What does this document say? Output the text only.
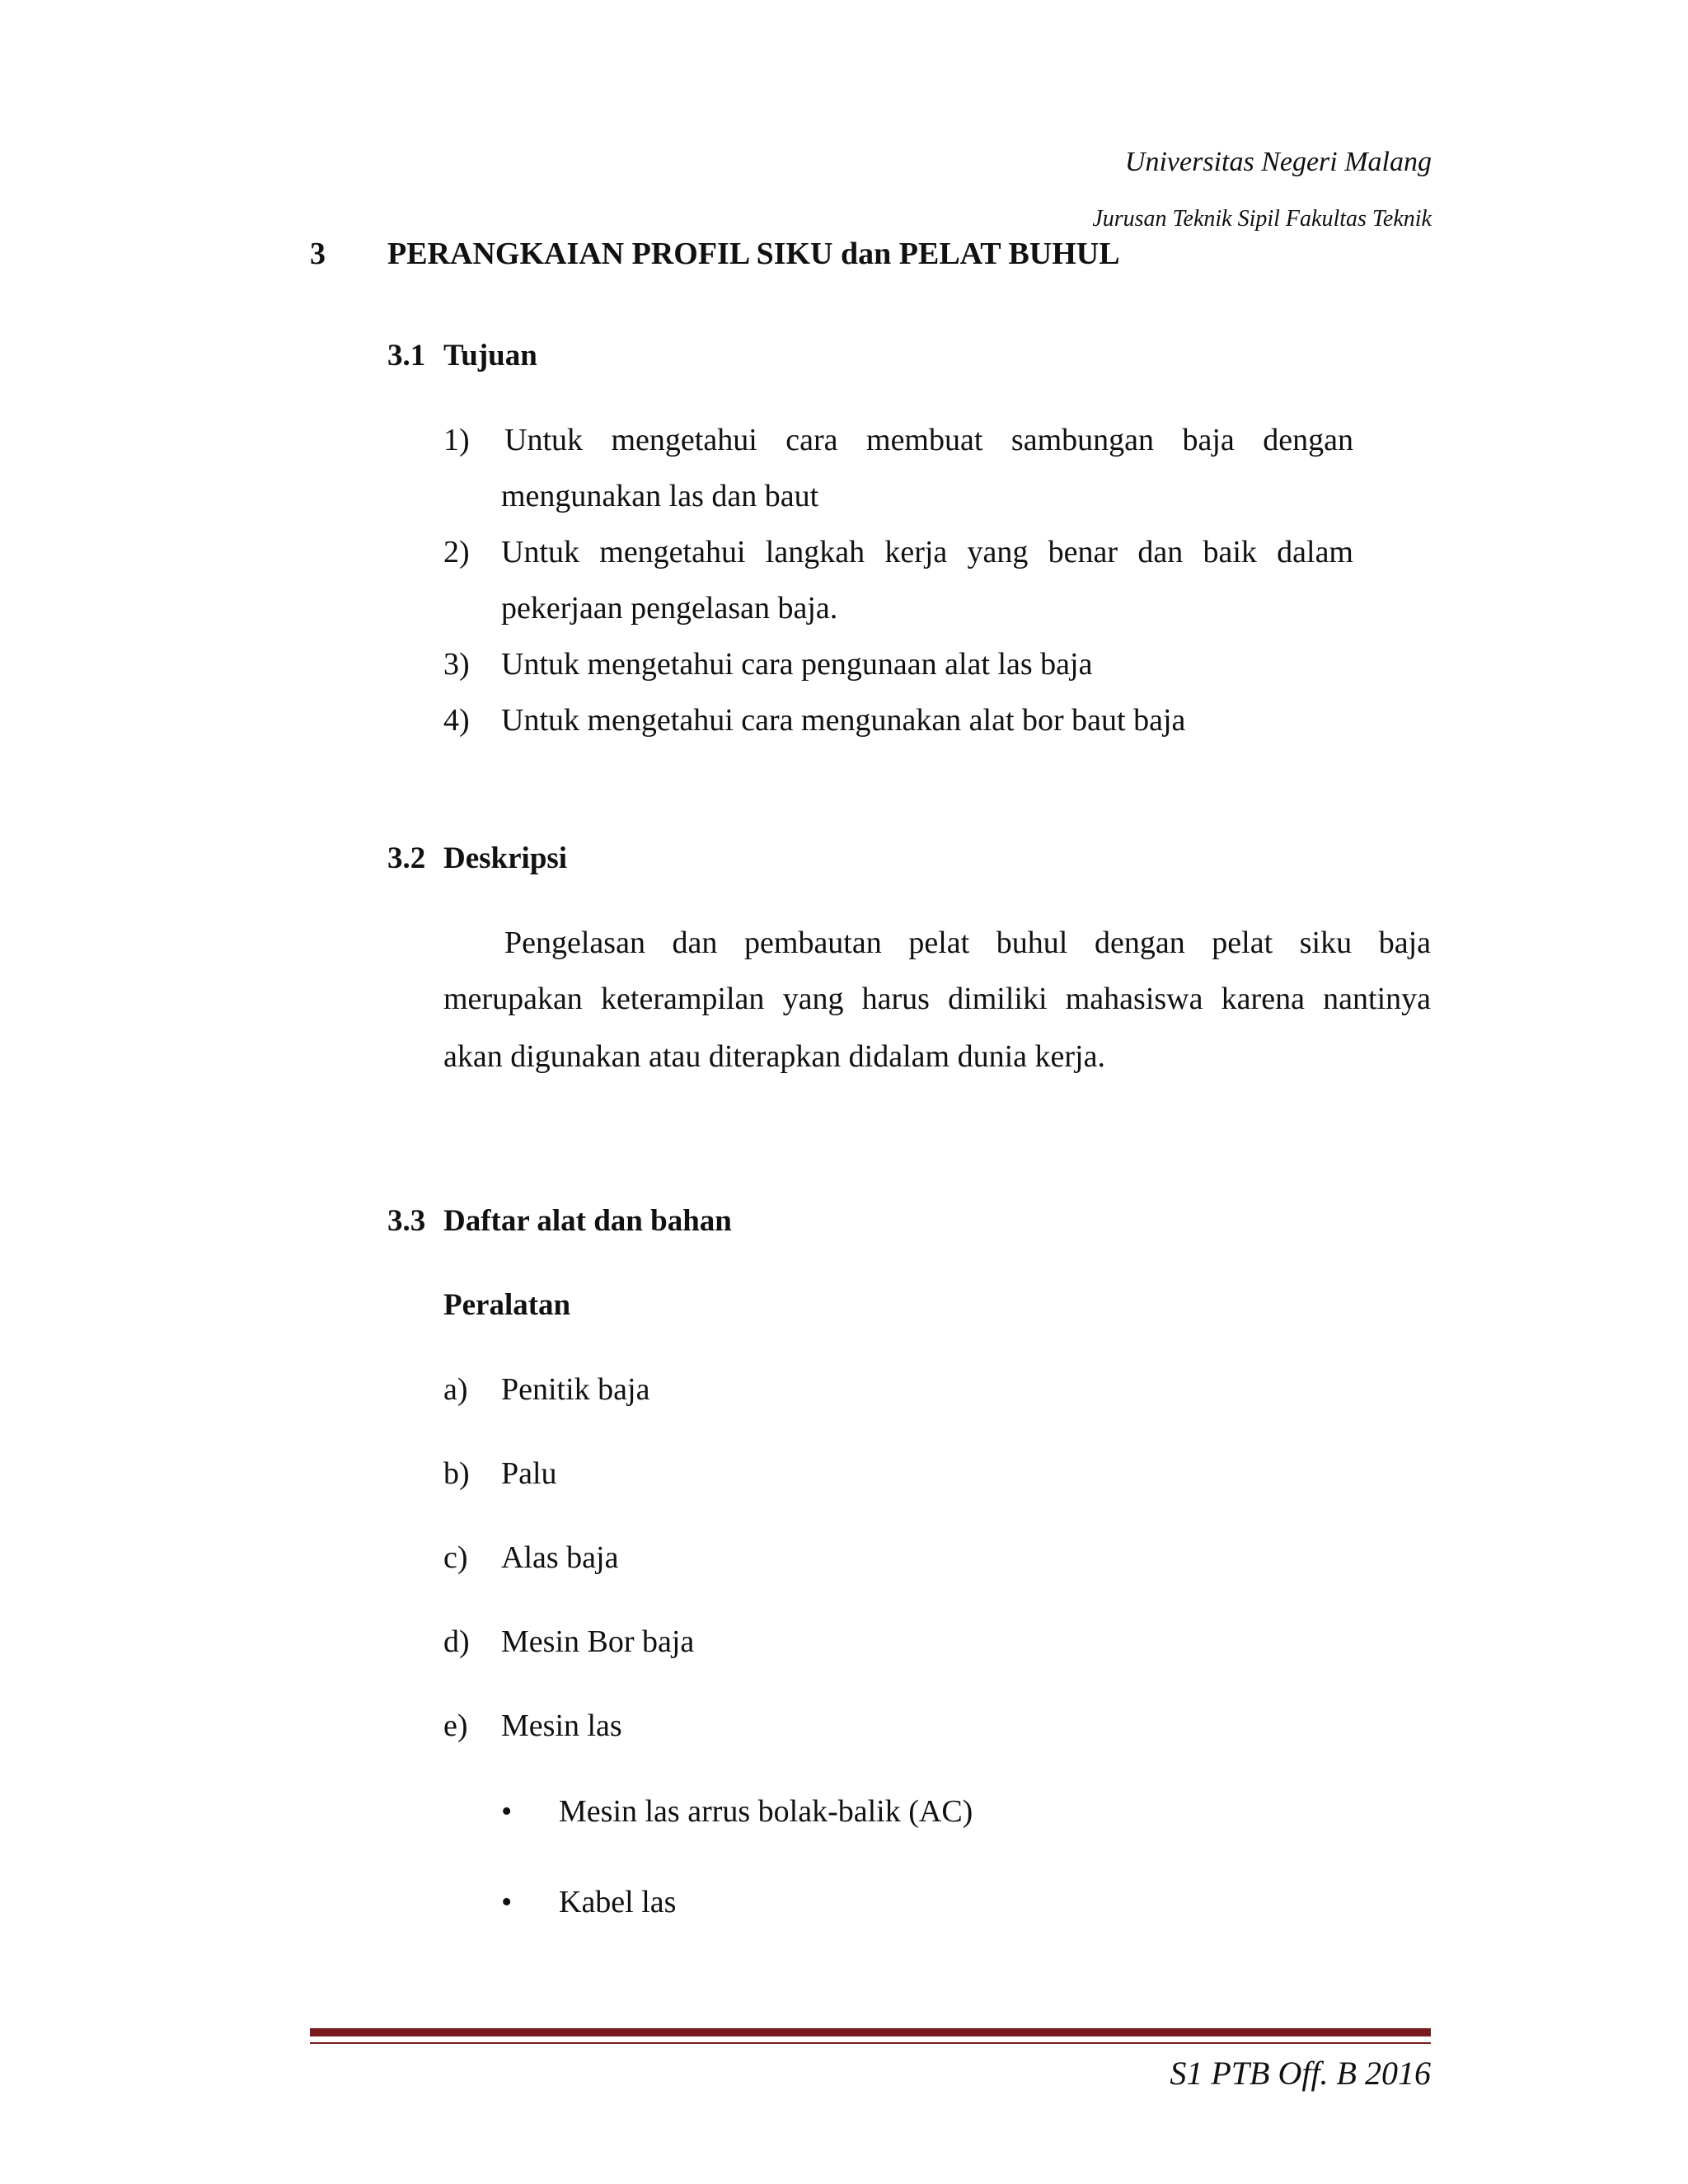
Universitas Negeri Malang
Jurusan Teknik Sipil Fakultas Teknik
3 PERANGKAIAN PROFIL SIKU dan PELAT BUHUL
3.1 Tujuan
1) Untuk mengetahui cara membuat sambungan baja dengan
mengunakan las dan baut
2) Untuk mengetahui langkah kerja yang benar dan baik dalam
pekerjaan pengelasan baja.
3) Untuk mengetahui cara pengunaan alat las baja
4) Untuk mengetahui cara mengunakan alat bor baut baja
3.2 Deskripsi
Pengelasan dan pembautan pelat buhul dengan pelat siku baja
merupakan keterampilan yang harus dimiliki mahasiswa karena nantinya
akan digunakan atau diterapkan didalam dunia kerja.
3.3 Daftar alat dan bahan
Peralatan
a) Penitik baja
b) Palu
c) Alas baja
d) Mesin Bor baja
e) Mesin las
• Mesin las arrus bolak-balik (AC)
• Kabel las
S1 PTB Off. B 2016
